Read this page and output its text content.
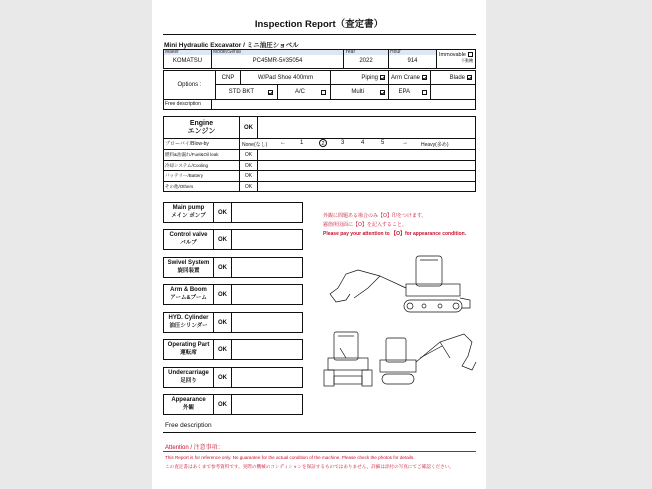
Inspection Report（査定書）
Mini Hydraulic Excavator / ミニ油圧ショベル
Maker
KOMATSU
Model/Serial
PC45MR-5#35054
Year
2022
Hour
914
Immovable
不動機
Options :
CNP	W/Pad Shoe 400mm	Piping Arm Crane	Blade
STD BKT	A/C	Multi	EPA
Free description
Engine
エンジン
OK
ブローバイ/Blow-by	None(なし) ← 1	2	3	4	5	→	Heavy(多め)
燃料&油漏れ/Fuel&Oil leak	OK
冷却システム/Cooling	OK
バッテリー/Battery	OK
その他/Others	OK
Main pump
メイン ポンプ	OK
Control valve
バルブ	OK
Swivel System
旋回装置	OK
Arm & Boom
アーム&ブーム	OK
HYD. Cylinder
油圧シリンダー	OK
Operating Part
運転席	OK
Undercarriage
足回り	OK
Appearance
外観	OK
外観に問題ある場合のみ【O】印をつけます。
霧箇所図面に【O】を記入すること。
Please pay your attention to 【O】for appearance condition.
Free description
Attention / 注意事項：
This Report is for reference only. No guarantee for the actual condition of the machine. Please check the photos for details.
この査定書はあくまで参考資料です。実際の機械のコンディションを保証するものではありません。詳細は添付の写真にてご確認ください。
